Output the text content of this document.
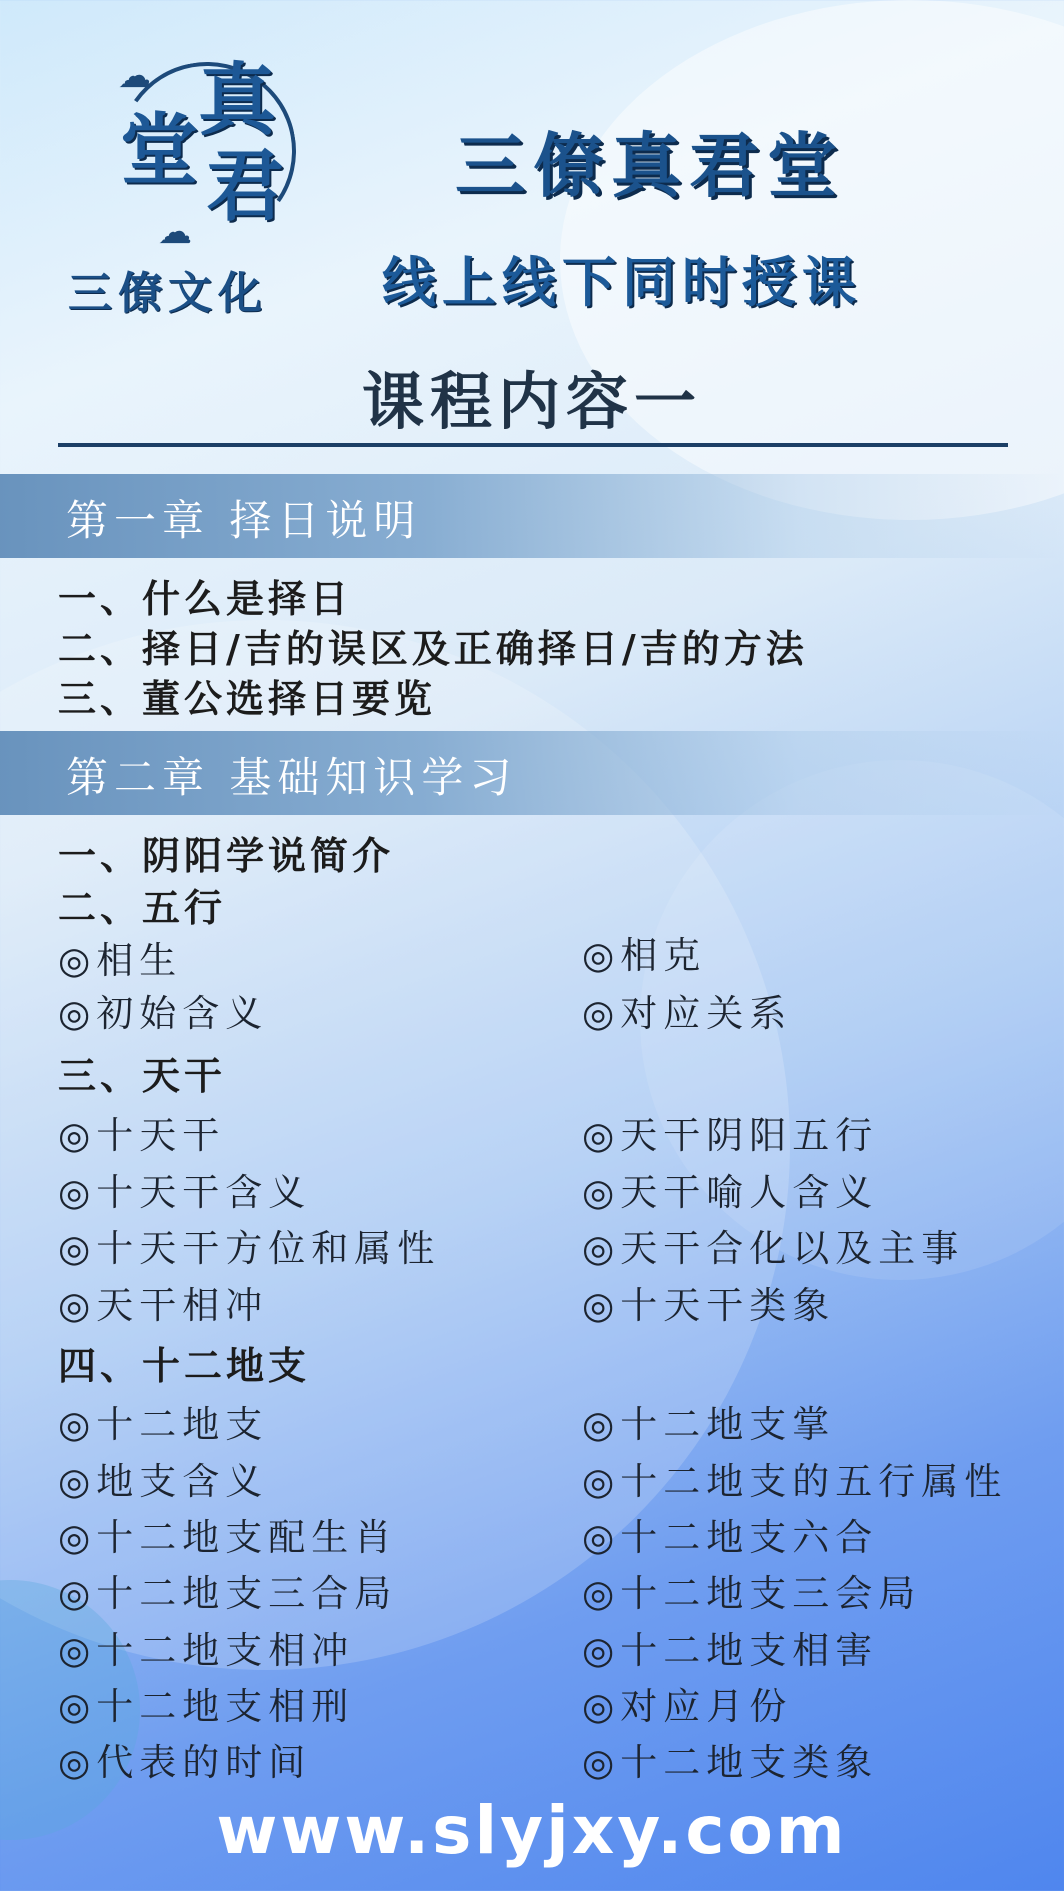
☁
☁
真
堂 君
三僚文化
三僚真君堂
线上线下同时授课
课程内容一
第一章 择日说明
一、什么是择日
二、择日/吉的误区及正确择日/吉的方法
三、董公选择日要览
第二章 基础知识学习
一、阴阳学说简介
二、五行
◎相生
◎初始含义
◎相克
◎对应关系
三、天干
◎十天干
◎十天干含义
◎十天干方位和属性
◎天干相冲
◎天干阴阳五行
◎天干喻人含义
◎天干合化以及主事
◎十天干类象
四、十二地支
◎十二地支
◎地支含义
◎十二地支配生肖
◎十二地支三合局
◎十二地支相冲
◎十二地支相刑
◎代表的时间
◎十二地支掌
◎十二地支的五行属性
◎十二地支六合
◎十二地支三会局
◎十二地支相害
◎对应月份
◎十二地支类象
www.slyjxy.com
